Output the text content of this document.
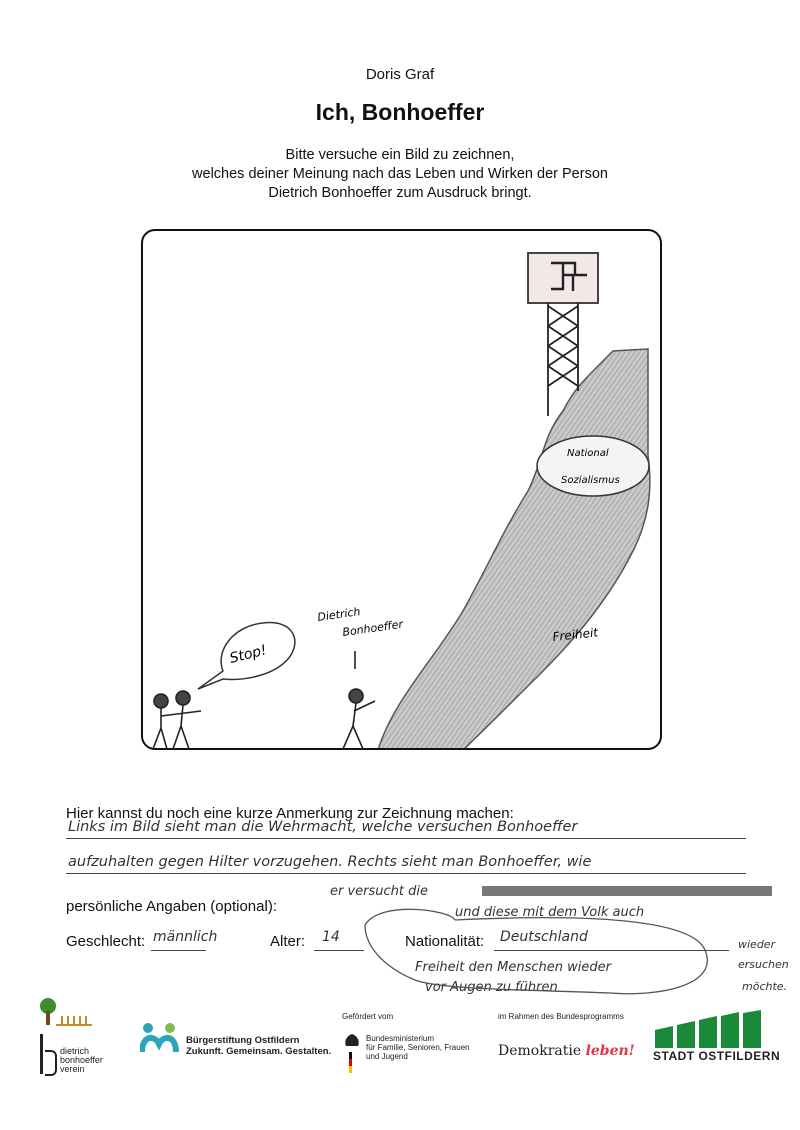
Doris Graf
Ich, Bonhoeffer
Bitte versuche ein Bild zu zeichnen,
welches deiner Meinung nach das Leben und Wirken der Person
Dietrich Bonhoeffer zum Ausdruck bringt.
National
Sozialismus
Freiheit
Dietrich
Bonhoeffer
Stop!
Hier kannst du noch eine kurze Anmerkung zur Zeichnung machen:
Links im Bild sieht man die Wehrmacht, welche versuchen Bonhoeffer
aufzuhalten gegen Hilter vorzugehen. Rechts sieht man Bonhoeffer, wie
er versucht die
und diese mit dem Volk auch
wieder
ersuchen
möchte.
Freiheit den Menschen wieder
vor Augen zu führen
persönliche Angaben (optional):
Geschlecht: männlich	Alter: 14	Nationalität: Deutschland
dietrich
bonhoeffer
verein
Bürgerstiftung Ostfildern
Zukunft. Gemeinsam. Gestalten.
Gefördert vom
Bundesministerium
für Familie, Senioren, Frauen
und Jugend
im Rahmen des Bundesprogramms
Demokratie leben! STADT OSTFILDERN
